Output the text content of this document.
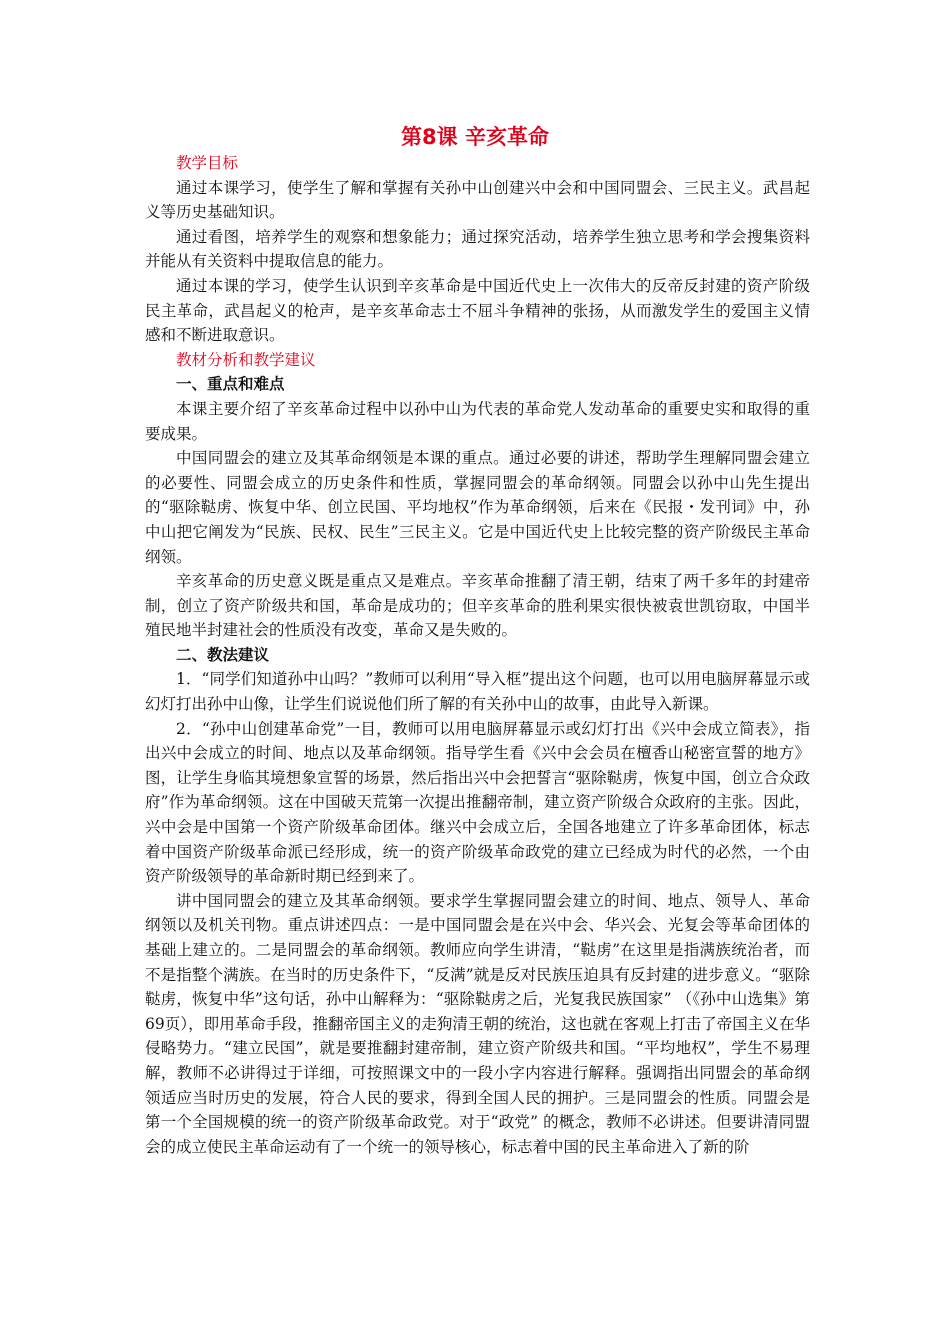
第8课 辛亥革命

教学目标

通过本课学习，使学生了解和掌握有关孙中山创建兴中会和中国同盟会、三民主义。武昌起义等历史基础知识。

通过看图，培养学生的观察和想象能力；通过探究活动，培养学生独立思考和学会搜集资料并能从有关资料中提取信息的能力。

通过本课的学习，使学生认识到辛亥革命是中国近代史上一次伟大的反帝反封建的资产阶级民主革命，武昌起义的枪声，是辛亥革命志士不屈斗争精神的张扬，从而激发学生的爱国主义情感和不断进取意识。

教材分析和教学建议

一、重点和难点

本课主要介绍了辛亥革命过程中以孙中山为代表的革命党人发动革命的重要史实和取得的重要成果。

中国同盟会的建立及其革命纲领是本课的重点。通过必要的讲述，帮助学生理解同盟会建立的必要性、同盟会成立的历史条件和性质，掌握同盟会的革命纲领。同盟会以孙中山先生提出的“驱除鞑虏、恢复中华、创立民国、平均地权”作为革命纲领，后来在《民报・发刊词》中，孙中山把它阐发为“民族、民权、民生”三民主义。它是中国近代史上比较完整的资产阶级民主革命纲领。

辛亥革命的历史意义既是重点又是难点。辛亥革命推翻了清王朝，结束了两千多年的封建帝制，创立了资产阶级共和国，革命是成功的；但辛亥革命的胜利果实很快被袁世凯窃取，中国半殖民地半封建社会的性质没有改变，革命又是失败的。

二、教法建议

1．“同学们知道孙中山吗？”教师可以利用“导入框”提出这个问题，也可以用电脑屏幕显示或幻灯打出孙中山像，让学生们说说他们所了解的有关孙中山的故事，由此导入新课。

2．“孙中山创建革命党”一目，教师可以用电脑屏幕显示或幻灯打出《兴中会成立简表》，指出兴中会成立的时间、地点以及革命纲领。指导学生看《兴中会会员在檀香山秘密宣誓的地方》图，让学生身临其境想象宣誓的场景，然后指出兴中会把誓言“驱除鞑虏，恢复中国，创立合众政府”作为革命纲领。这在中国破天荒第一次提出推翻帝制，建立资产阶级合众政府的主张。因此，兴中会是中国第一个资产阶级革命团体。继兴中会成立后，全国各地建立了许多革命团体，标志着中国资产阶级革命派已经形成，统一的资产阶级革命政党的建立已经成为时代的必然，一个由资产阶级领导的革命新时期已经到来了。

讲中国同盟会的建立及其革命纲领。要求学生掌握同盟会建立的时间、地点、领导人、革命纲领以及机关刊物。重点讲述四点：一是中国同盟会是在兴中会、华兴会、光复会等革命团体的基础上建立的。二是同盟会的革命纲领。教师应向学生讲清，“鞑虏”在这里是指满族统治者，而不是指整个满族。在当时的历史条件下，“反满”就是反对民族压迫具有反封建的进步意义。“驱除鞑虏，恢复中华”这句话，孙中山解释为：“驱除鞑虏之后，光复我民族国家” （《孙中山选集》第69页），即用革命手段，推翻帝国主义的走狗清王朝的统治，这也就在客观上打击了帝国主义在华侵略势力。“建立民国”，就是要推翻封建帝制，建立资产阶级共和国。“平均地权”，学生不易理解，教师不必讲得过于详细，可按照课文中的一段小字内容进行解释。强调指出同盟会的革命纲领适应当时历史的发展，符合人民的要求，得到全国人民的拥护。三是同盟会的性质。同盟会是第一个全国规模的统一的资产阶级革命政党。对于“政党” 的概念，教师不必讲述。但要讲清同盟会的成立使民主革命运动有了一个统一的领导核心，标志着中国的民主革命进入了新的阶
